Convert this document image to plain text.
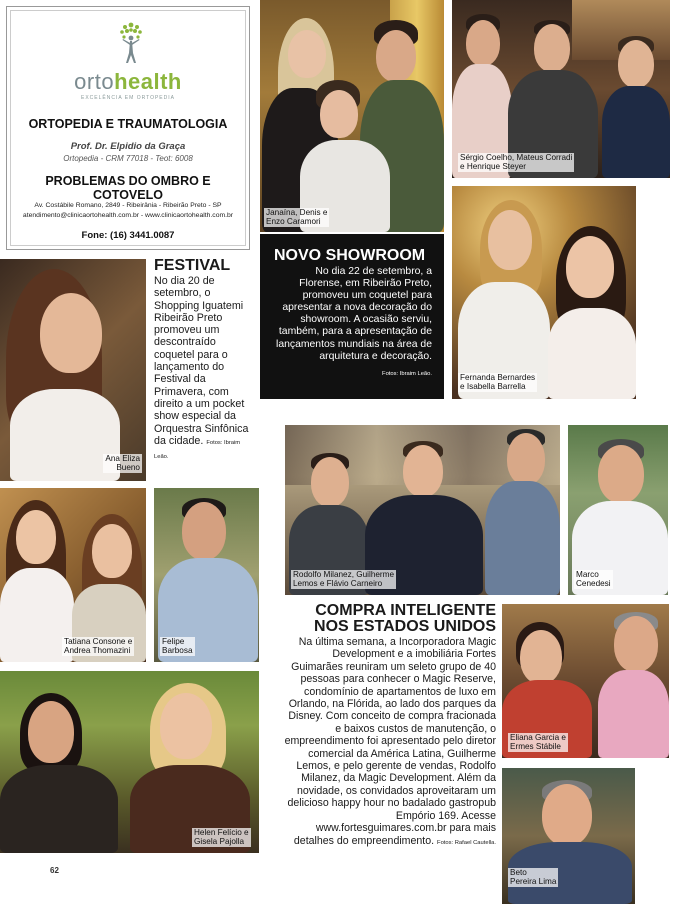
ortohealth
EXCELÊNCIA EM ORTOPEDIA
ORTOPEDIA E TRAUMATOLOGIA
Prof. Dr. Elpidio da Graça
Ortopedia - CRM 77018 - Teot: 6008
PROBLEMAS DO OMBRO E COTOVELO
Av. Costábile Romano, 2849 - Ribeirânia - Ribeirão Preto - SP
atendimento@clinicaortohealth.com.br - www.clinicaortohealth.com.br
Fone: (16) 3441.0087
Janaína, Denis e
Enzo Caramori
Sérgio Coelho, Mateus Corradi
e Henrique Steyer
NOVO SHOWROOM
No dia 22 de setembro, a Florense, em Ribeirão Preto, promoveu um coquetel para apresentar a nova decoração do showroom. A ocasião serviu, também, para a apresentação de lançamentos mundiais na área de arquitetura e decoração.
Fotos: Ibraim Leão.	Fernanda Bernardes
e Isabella Barrella
Ana Eliza
Bueno
FESTIVAL
No dia 20 de setembro, o Shopping Iguatemi Ribeirão Preto promoveu um descontraído coquetel para o lançamento do Festival da Primavera, com direito a um pocket show especial da Orquestra Sinfônica da cidade. Fotos: Ibraim Leão.
Rodolfo Milanez, Guilherme
Lemos e Flávio Carneiro
Marco
Cenedesi
Tatiana Consone e
Andrea Thomazini
Felipe
Barbosa
COMPRA INTELIGENTE
NOS ESTADOS UNIDOS
Na última semana, a Incorporadora Magic Development e a imobiliária Fortes Guimarães reuniram um seleto grupo de 40 pessoas para conhecer o Magic Reserve, condomínio de apartamentos de luxo em Orlando, na Flórida, ao lado dos parques da Disney. Com conceito de compra fracionada e baixos custos de manutenção, o empreendimento foi apresentado pelo diretor comercial da América Latina, Guilherme Lemos, e pelo gerente de vendas, Rodolfo Milanez, da Magic Development. Além da novidade, os convidados aproveitaram um delicioso happy hour no badalado gastropub Empório 169. Acesse www.fortesguimares.com.br para mais detalhes do empreendimento. Fotos: Rafael Cautella.
Eliana Garcia e
Ermes Stábile
Helen Felício e
Gisela Pajolla
Beto
Pereira Lima
62
